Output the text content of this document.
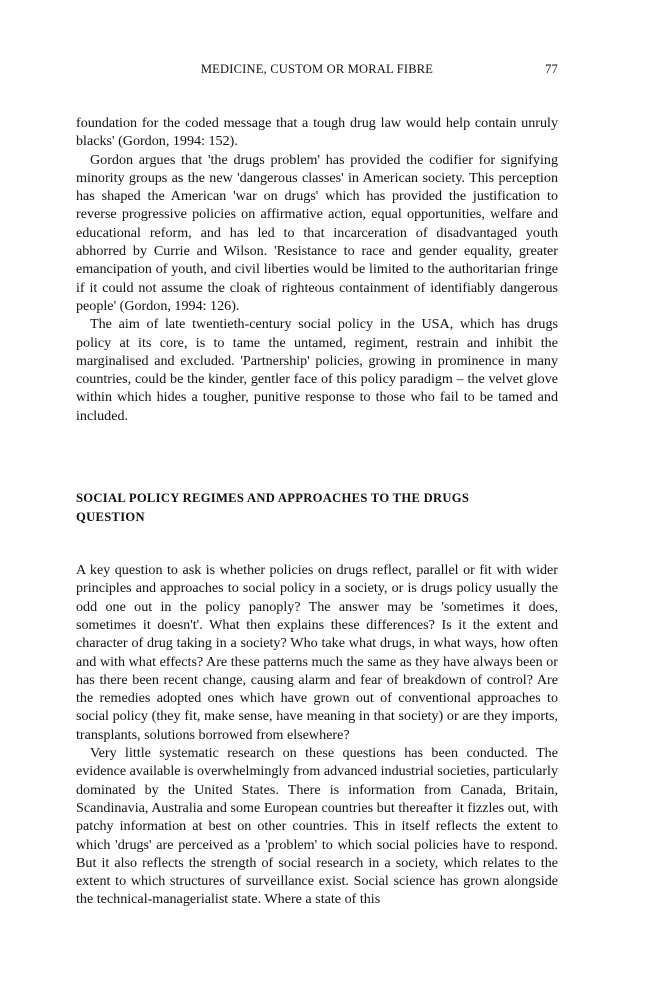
MEDICINE, CUSTOM OR MORAL FIBRE	77

foundation for the coded message that a tough drug law would help contain unruly blacks' (Gordon, 1994: 152).

Gordon argues that 'the drugs problem' has provided the codifier for signifying minority groups as the new 'dangerous classes' in American society. This perception has shaped the American 'war on drugs' which has provided the justification to reverse progressive policies on affirmative action, equal opportunities, welfare and educational reform, and has led to that incarceration of disadvantaged youth abhorred by Currie and Wilson. 'Resistance to race and gender equality, greater emancipation of youth, and civil liberties would be limited to the authoritarian fringe if it could not assume the cloak of righteous containment of identifiably dangerous people' (Gordon, 1994: 126).

The aim of late twentieth-century social policy in the USA, which has drugs policy at its core, is to tame the untamed, regiment, restrain and inhibit the marginalised and excluded. 'Partnership' policies, growing in prominence in many countries, could be the kinder, gentler face of this policy paradigm – the velvet glove within which hides a tougher, punitive response to those who fail to be tamed and included.

SOCIAL POLICY REGIMES AND APPROACHES TO THE DRUGS QUESTION

A key question to ask is whether policies on drugs reflect, parallel or fit with wider principles and approaches to social policy in a society, or is drugs policy usually the odd one out in the policy panoply? The answer may be 'sometimes it does, sometimes it doesn't'. What then explains these differences? Is it the extent and character of drug taking in a society? Who take what drugs, in what ways, how often and with what effects? Are these patterns much the same as they have always been or has there been recent change, causing alarm and fear of breakdown of control? Are the remedies adopted ones which have grown out of conventional approaches to social policy (they fit, make sense, have meaning in that society) or are they imports, transplants, solutions borrowed from elsewhere?

Very little systematic research on these questions has been conducted. The evidence available is overwhelmingly from advanced industrial societies, particularly dominated by the United States. There is information from Canada, Britain, Scandinavia, Australia and some European countries but thereafter it fizzles out, with patchy information at best on other countries. This in itself reflects the extent to which 'drugs' are perceived as a 'problem' to which social policies have to respond. But it also reflects the strength of social research in a society, which relates to the extent to which structures of surveillance exist. Social science has grown alongside the technical-managerialist state. Where a state of this
